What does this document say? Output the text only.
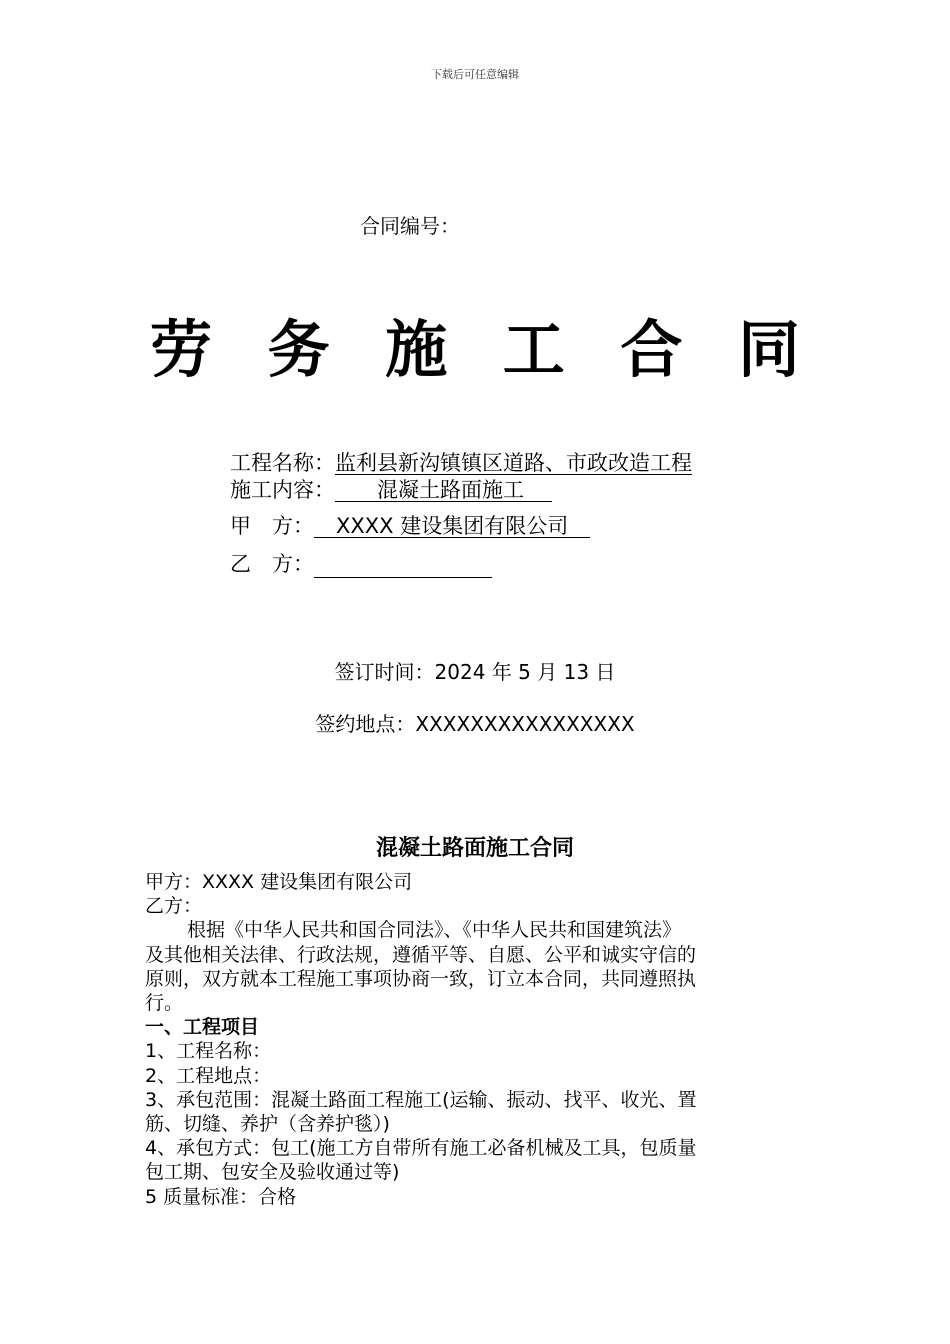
下载后可任意编辑
合同编号：
劳 务 施 工 合 同
工程名称：监利县新沟镇镇区道路、市政改造工程
施工内容： 混凝土路面施工
甲　方： XXXX 建设集团有限公司
乙　方：
签订时间：2024 年 5 月 13 日
签约地点：XXXXXXXXXXXXXXXX
混凝土路面施工合同
甲方：XXXX 建设集团有限公司
乙方：
根据《中华人民共和国合同法》、《中华人民共和国建筑法》
及其他相关法律、行政法规，遵循平等、自愿、公平和诚实守信的
原则，双方就本工程施工事项协商一致，订立本合同，共同遵照执
行。
一、工程项目
1、工程名称：
2、工程地点：
3、承包范围：混凝土路面工程施工(运输、振动、找平、收光、置
筋、切缝、养护（含养护毯）)
4、承包方式：包工(施工方自带所有施工必备机械及工具，包质量
包工期、包安全及验收通过等)
5 质量标准：合格
